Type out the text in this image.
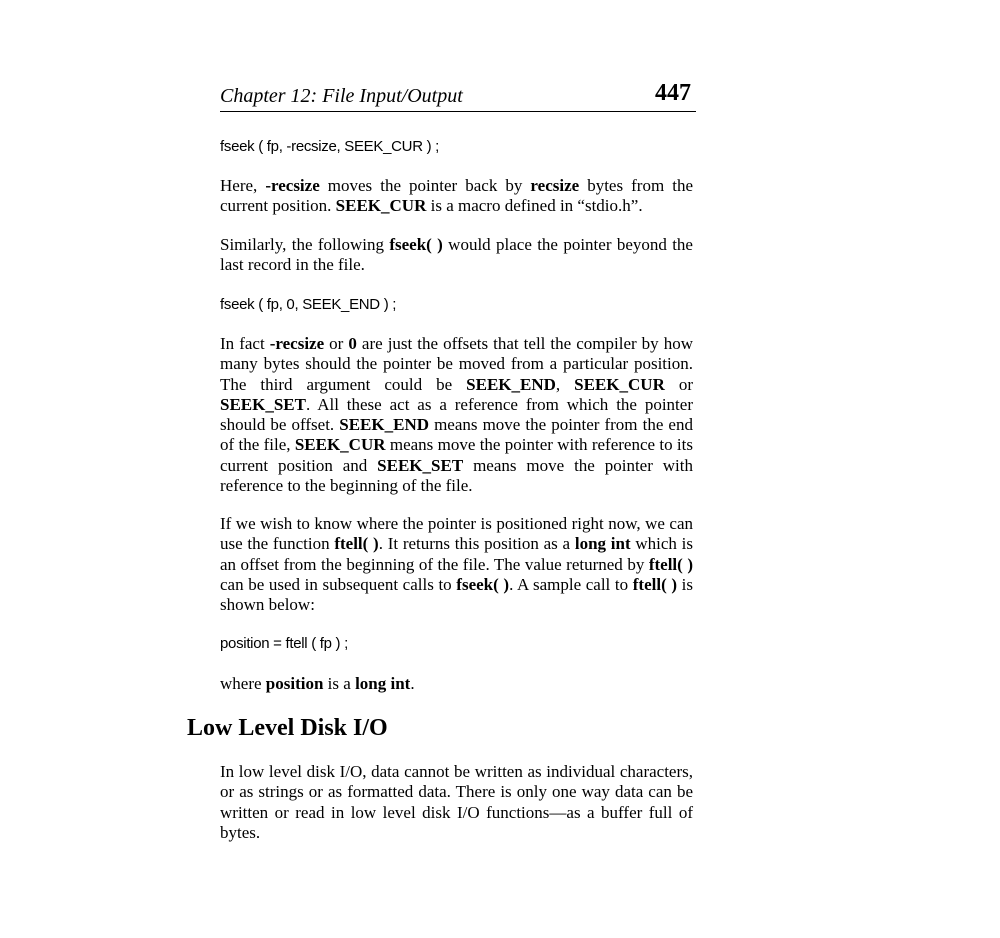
Chapter 12: File Input/Output	447
fseek ( fp, -recsize, SEEK_CUR ) ;

Here, -recsize moves the pointer back by recsize bytes from the current position. SEEK_CUR is a macro defined in “stdio.h”.

Similarly, the following fseek( ) would place the pointer beyond the last record in the file.

fseek ( fp, 0, SEEK_END ) ;

In fact -recsize or 0 are just the offsets that tell the compiler by how many bytes should the pointer be moved from a particular position. The third argument could be SEEK_END, SEEK_CUR or SEEK_SET. All these act as a reference from which the pointer should be offset. SEEK_END means move the pointer from the end of the file, SEEK_CUR means move the pointer with reference to its current position and SEEK_SET means move the pointer with reference to the beginning of the file.

If we wish to know where the pointer is positioned right now, we can use the function ftell( ). It returns this position as a long int which is an offset from the beginning of the file. The value returned by ftell( ) can be used in subsequent calls to fseek( ). A sample call to ftell( ) is shown below:

position = ftell ( fp ) ;

where position is a long int.

Low Level Disk I/O

In low level disk I/O, data cannot be written as individual characters, or as strings or as formatted data. There is only one way data can be written or read in low level disk I/O functions—as a buffer full of bytes.
